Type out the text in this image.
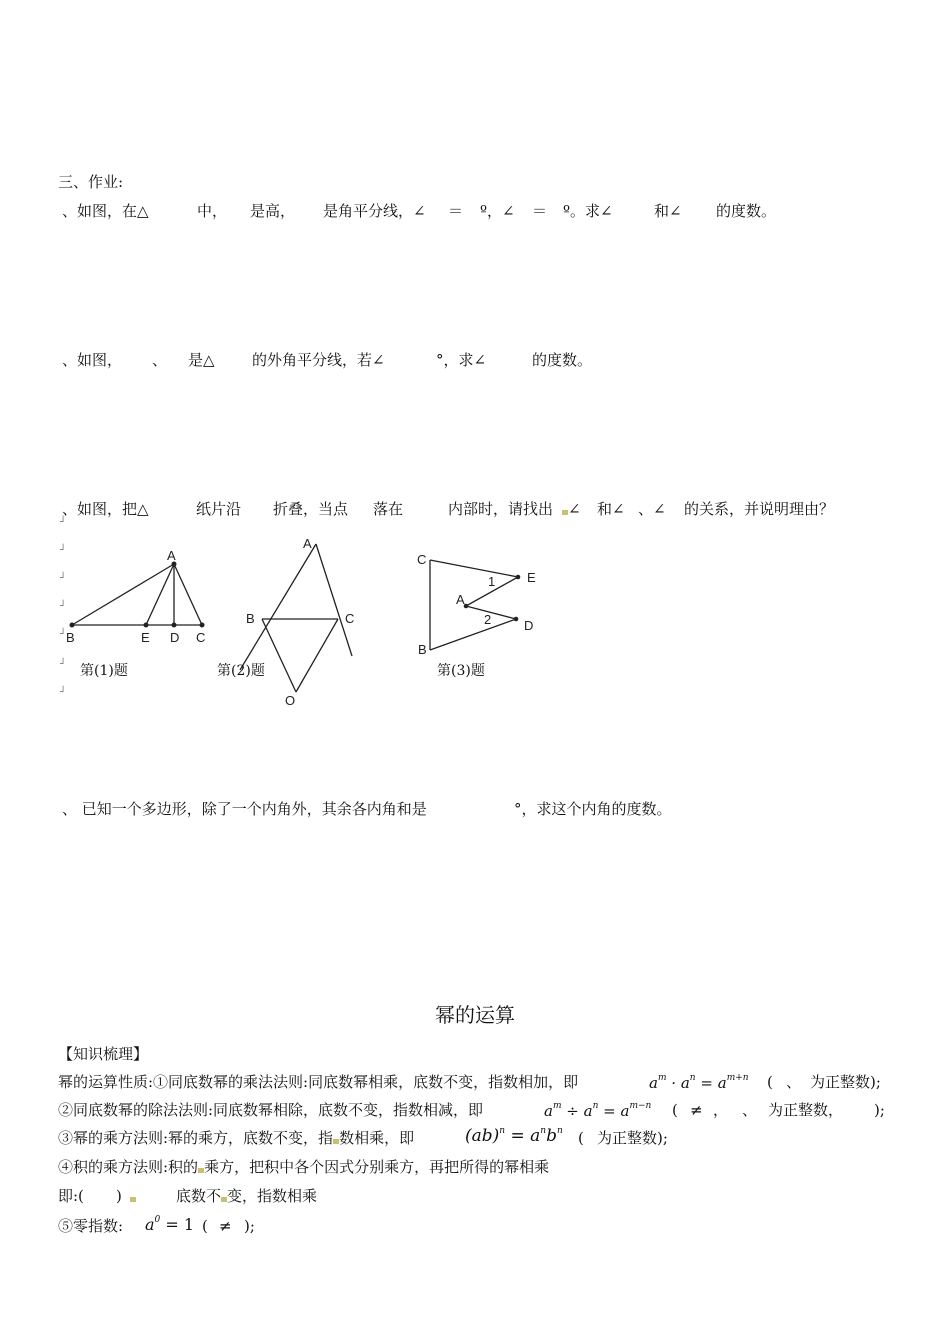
三、作业:
、如图，在△	中， 是高， 是角平分线，∠ ＝ º，∠ ＝ º。求∠	和∠ 的度数。
、如图， 、 是△ 的外角平分线，若∠	°，求∠	的度数。
、如图，把△	纸片沿 折叠，当点 落在	内部时，请找出 ∠ 和∠ 、∠ 的关系，并说明理由？
┘
┘
┘
┘
┘
┘
┘
A
B	E D C
A
B	C
O
C
E
A
D
B
1
2
第(1)题	第(2)题	第(3)题
、 已知一个多边形，除了一个内角外，其余各内角和是	°，求这个内角的度数。
幂的运算
【知识梳理】
幂的运算性质:①同底数幂的乘法法则:同底数幂相乘，底数不变，指数相加，即	$a^m \cdot a^n = a^{m+n}$ ( 、 为正整数);
②同底数幂的除法法则:同底数幂相除，底数不变，指数相减，即	$a^m \div a^n = a^{m-n}$ ( ≠ ， 、 为正整数， );
③幂的乘方法则:幂的乘方，底数不变，指 数相乘，即	$(ab)^n = a^nb^n$ ( 为正整数);
④积的乘方法则:积的 乘方，把积中各个因式分别乘方，再把所得的幂相乘
即:( )	底数不 变，指数相乘
⑤零指数: $a^0 = 1$ ( ≠ );
